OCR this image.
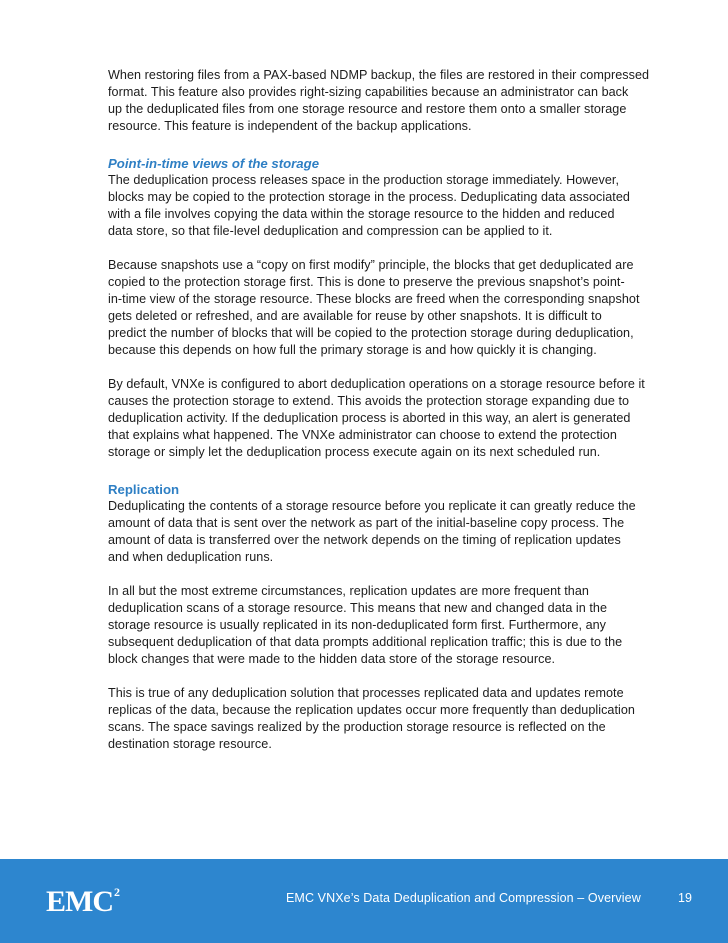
When restoring files from a PAX-based NDMP backup, the files are restored in their compressed
format. This feature also provides right-sizing capabilities because an administrator can back
up the deduplicated files from one storage resource and restore them onto a smaller storage
resource. This feature is independent of the backup applications.
Point-in-time views of the storage
The deduplication process releases space in the production storage immediately. However,
blocks may be copied to the protection storage in the process. Deduplicating data associated
with a file involves copying the data within the storage resource to the hidden and reduced
data store, so that file-level deduplication and compression can be applied to it.
Because snapshots use a “copy on first modify” principle, the blocks that get deduplicated are
copied to the protection storage first. This is done to preserve the previous snapshot’s point-
in-time view of the storage resource. These blocks are freed when the corresponding snapshot
gets deleted or refreshed, and are available for reuse by other snapshots. It is difficult to
predict the number of blocks that will be copied to the protection storage during deduplication,
because this depends on how full the primary storage is and how quickly it is changing.
By default, VNXe is configured to abort deduplication operations on a storage resource before it
causes the protection storage to extend. This avoids the protection storage expanding due to
deduplication activity. If the deduplication process is aborted in this way, an alert is generated
that explains what happened. The VNXe administrator can choose to extend the protection
storage or simply let the deduplication process execute again on its next scheduled run.
Replication
Deduplicating the contents of a storage resource before you replicate it can greatly reduce the
amount of data that is sent over the network as part of the initial-baseline copy process. The
amount of data is transferred over the network depends on the timing of replication updates
and when deduplication runs.
In all but the most extreme circumstances, replication updates are more frequent than
deduplication scans of a storage resource. This means that new and changed data in the
storage resource is usually replicated in its non-deduplicated form first. Furthermore, any
subsequent deduplication of that data prompts additional replication traffic; this is due to the
block changes that were made to the hidden data store of the storage resource.
This is true of any deduplication solution that processes replicated data and updates remote
replicas of the data, because the replication updates occur more frequently than deduplication
scans. The space savings realized by the production storage resource is reflected on the
destination storage resource.
EMC 2	EMC VNXe’s Data Deduplication and Compression – Overview	19
